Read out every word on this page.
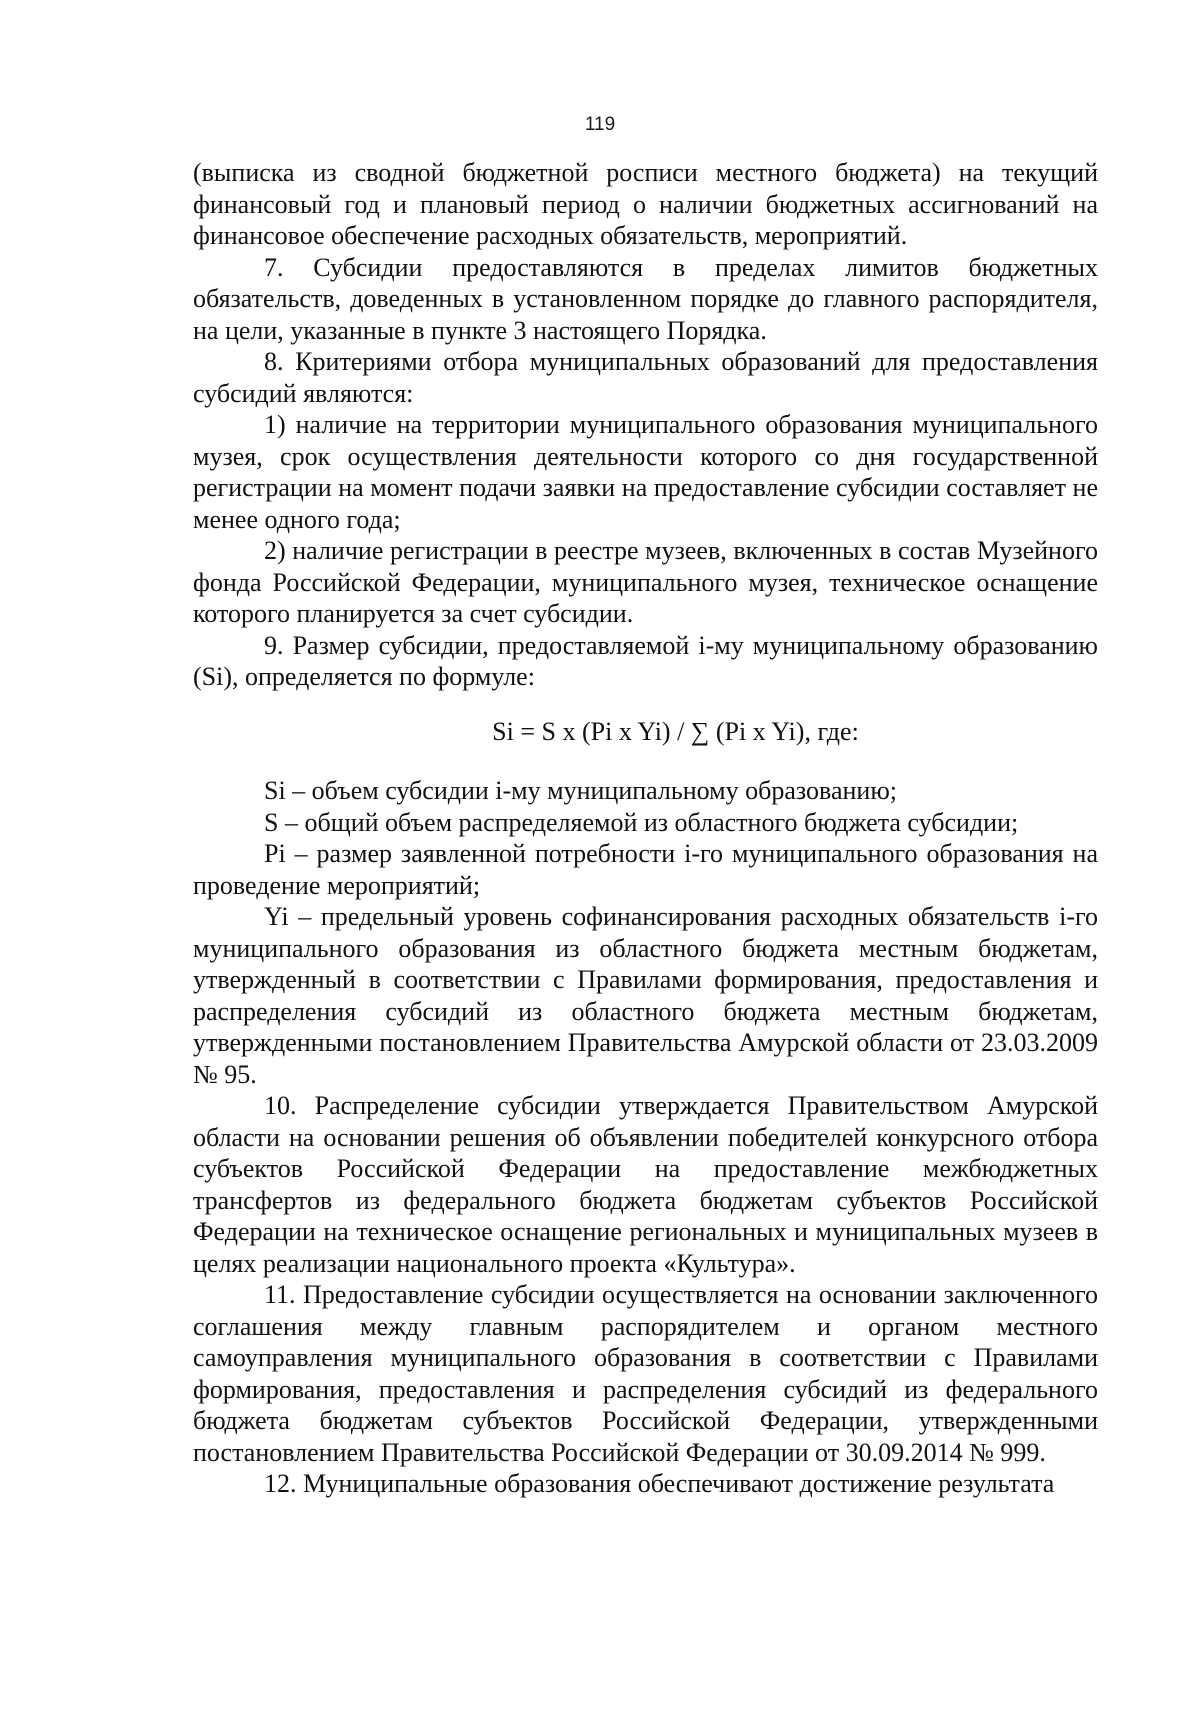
119

(выписка из сводной бюджетной росписи местного бюджета) на текущий финансовый год и плановый период о наличии бюджетных ассигнований на финансовое обеспечение расходных обязательств, мероприятий.

7. Субсидии предоставляются в пределах лимитов бюджетных обязательств, доведенных в установленном порядке до главного распорядителя, на цели, указанные в пункте 3 настоящего Порядка.

8. Критериями отбора муниципальных образований для предоставления субсидий являются:

1) наличие на территории муниципального образования муниципального музея, срок осуществления деятельности которого со дня государственной регистрации на момент подачи заявки на предоставление субсидии составляет не менее одного года;

2) наличие регистрации в реестре музеев, включенных в состав Музейного фонда Российской Федерации, муниципального музея, техническое оснащение которого планируется за счет субсидии.

9. Размер субсидии, предоставляемой i-му муниципальному образованию (Si), определяется по формуле:

Si = S x (Pi x Yi) / ∑ (Pi x Yi), где:

Si – объем субсидии i-му муниципальному образованию;

S – общий объем распределяемой из областного бюджета субсидии;

Pi – размер заявленной потребности i-го муниципального образования на проведение мероприятий;

Yi – предельный уровень софинансирования расходных обязательств i-го муниципального образования из областного бюджета местным бюджетам, утвержденный в соответствии с Правилами формирования, предоставления и распределения субсидий из областного бюджета местным бюджетам, утвержденными постановлением Правительства Амурской области от 23.03.2009 № 95.

10. Распределение субсидии утверждается Правительством Амурской области на основании решения об объявлении победителей конкурсного отбора субъектов Российской Федерации на предоставление межбюджетных трансфертов из федерального бюджета бюджетам субъектов Российской Федерации на техническое оснащение региональных и муниципальных музеев в целях реализации национального проекта «Культура».

11. Предоставление субсидии осуществляется на основании заключенного соглашения между главным распорядителем и органом местного самоуправления муниципального образования в соответствии с Правилами формирования, предоставления и распределения субсидий из федерального бюджета бюджетам субъектов Российской Федерации, утвержденными постановлением Правительства Российской Федерации от 30.09.2014 № 999.

12. Муниципальные образования обеспечивают достижение результата
